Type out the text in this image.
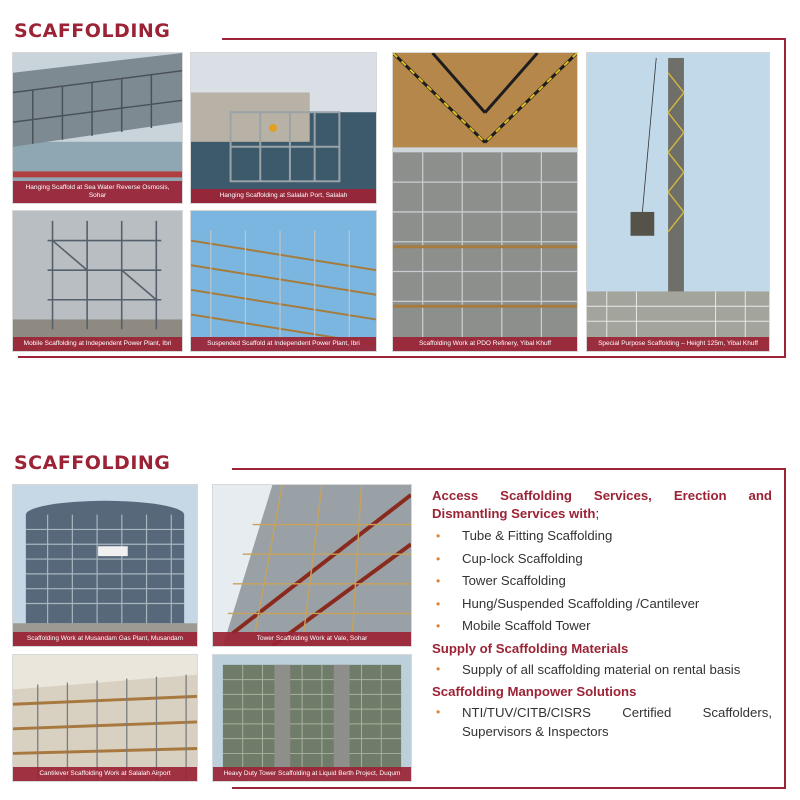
SCAFFOLDING
Hanging Scaffold at Sea Water Reverse Osmosis, Sohar	Hanging Scaffolding at Salalah Port, Salalah
Mobile Scaffolding at Independent Power Plant, Ibri	Suspended Scaffold at Independent Power Plant, Ibri	Scaffolding Work at PDO Refinery, Yibal Khuff	Special Purpose Scaffolding – Height 125m, Yibal Khuff
SCAFFOLDING
Scaffolding Work at Musandam Gas Plant, Musandam	Tower Scaffolding Work at Vale, Sohar
Cantilever Scaffolding Work at Salalah Airport	Heavy Duty Tower Scaffolding at Liquid Berth Project, Duqum
Access Scaffolding Services, Erection and Dismantling Services with;
• Tube & Fitting Scaffolding
• Cup-lock Scaffolding
• Tower Scaffolding
• Hung/Suspended Scaffolding /Cantilever
• Mobile Scaffold Tower
Supply of Scaffolding Materials
• Supply of all scaffolding material on rental basis
Scaffolding Manpower Solutions
• NTI/TUV/CITB/CISRS Certified Scaffolders, Supervisors & Inspectors
